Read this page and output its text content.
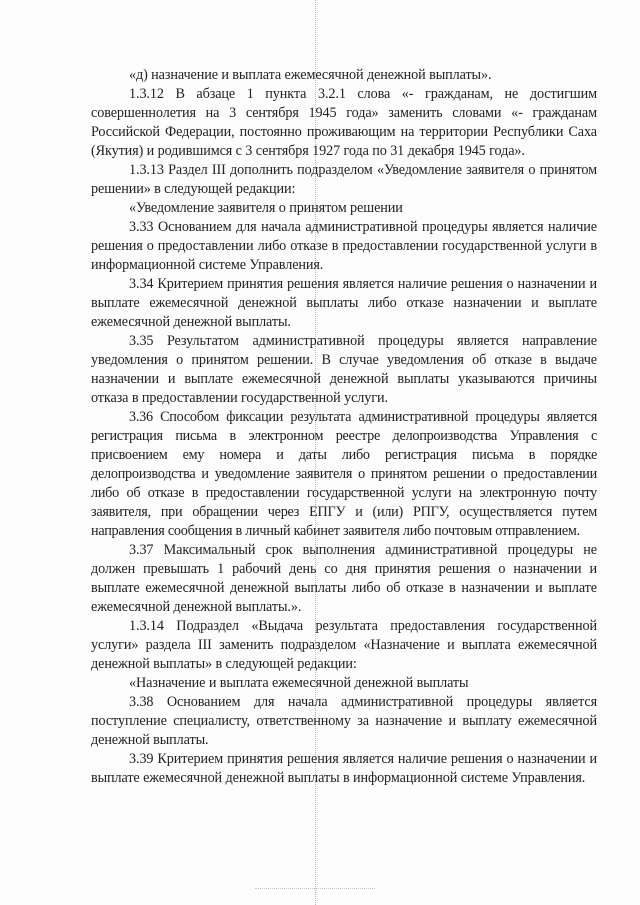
«д) назначение и выплата ежемесячной денежной выплаты».

1.3.12 В абзаце 1 пункта 3.2.1 слова «- гражданам, не достигшим совершеннолетия на 3 сентября 1945 года» заменить словами «- гражданам Российской Федерации, постоянно проживающим на территории Республики Саха (Якутия) и родившимся с 3 сентября 1927 года по 31 декабря 1945 года».

1.3.13 Раздел III дополнить подразделом «Уведомление заявителя о принятом решении» в следующей редакции:

«Уведомление заявителя о принятом решении

3.33 Основанием для начала административной процедуры является наличие решения о предоставлении либо отказе в предоставлении государственной услуги в информационной системе Управления.

3.34 Критерием принятия решения является наличие решения о назначении и выплате ежемесячной денежной выплаты либо отказе назначении и выплате ежемесячной денежной выплаты.

3.35 Результатом административной процедуры является направление уведомления о принятом решении. В случае уведомления об отказе в выдаче назначении и выплате ежемесячной денежной выплаты указываются причины отказа в предоставлении государственной услуги.

3.36 Способом фиксации результата административной процедуры является регистрация письма в электронном реестре делопроизводства Управления с присвоением ему номера и даты либо регистрация письма в порядке делопроизводства и уведомление заявителя о принятом решении о предоставлении либо об отказе в предоставлении государственной услуги на электронную почту заявителя, при обращении через ЕПГУ и (или) РПГУ, осуществляется путем направления сообщения в личный кабинет заявителя либо почтовым отправлением.

3.37 Максимальный срок выполнения административной процедуры не должен превышать 1 рабочий день со дня принятия решения о назначении и выплате ежемесячной денежной выплаты либо об отказе в назначении и выплате ежемесячной денежной выплаты.».

1.3.14 Подраздел «Выдача результата предоставления государственной услуги» раздела III заменить подразделом «Назначение и выплата ежемесячной денежной выплаты» в следующей редакции:

«Назначение и выплата ежемесячной денежной выплаты

3.38 Основанием для начала административной процедуры является поступление специалисту, ответственному за назначение и выплату ежемесячной денежной выплаты.

3.39 Критерием принятия решения является наличие решения о назначении и выплате ежемесячной денежной выплаты в информационной системе Управления.
